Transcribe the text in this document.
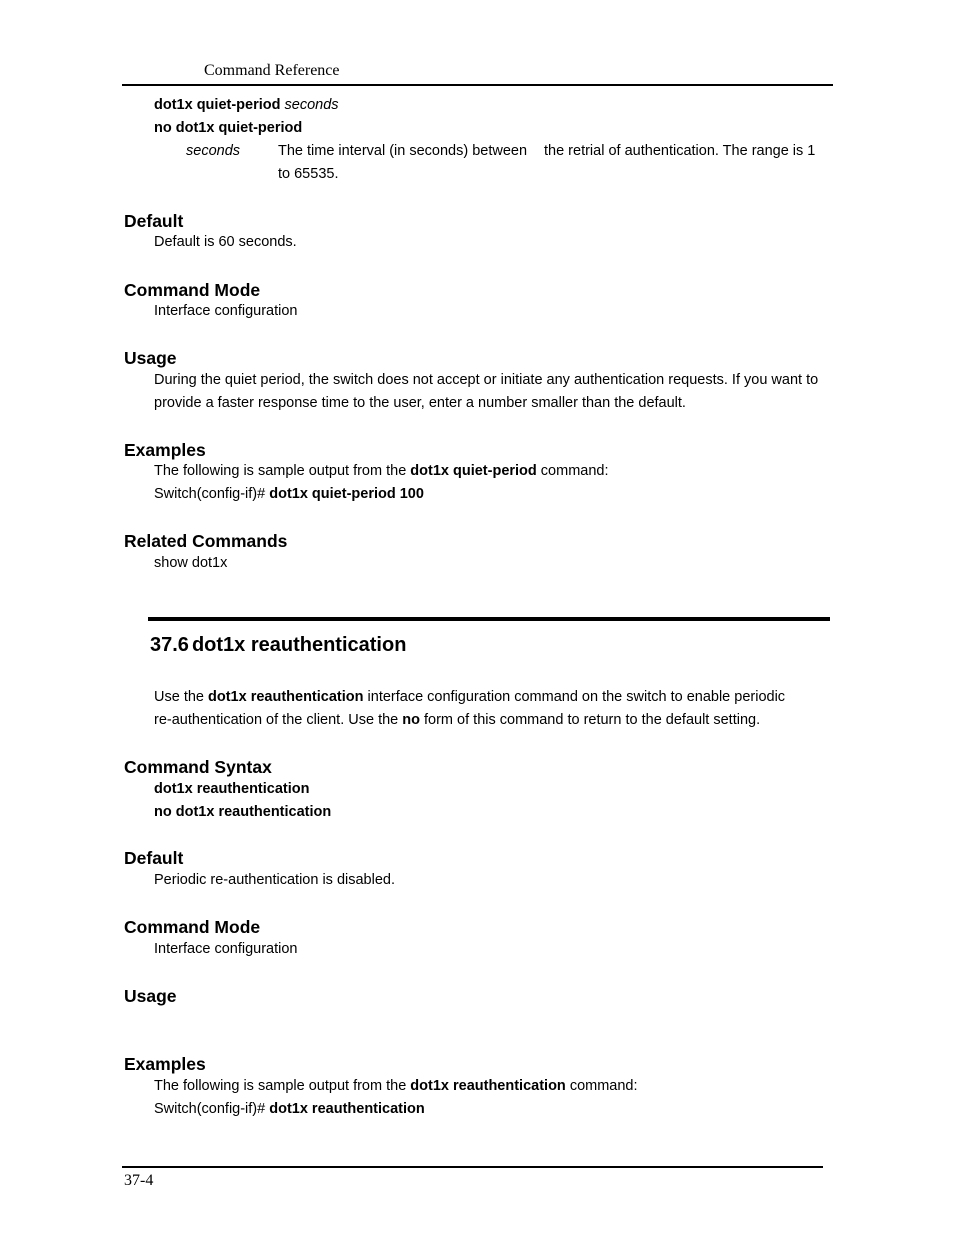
Command Reference
dot1x quiet-period seconds
no dot1x quiet-period
seconds	The time interval (in seconds) between the retrial of authentication. The range is 1
to 65535.
Default
Default is 60 seconds.
Command Mode
Interface configuration
Usage
During the quiet period, the switch does not accept or initiate any authentication requests. If you want to
provide a faster response time to the user, enter a number smaller than the default.
Examples
The following is sample output from the dot1x quiet-period command:
Switch(config-if)# dot1x quiet-period 100
Related Commands
show dot1x
37.6 dot1x reauthentication
Use the dot1x reauthentication interface configuration command on the switch to enable periodic
re-authentication of the client. Use the no form of this command to return to the default setting.
Command Syntax
dot1x reauthentication
no dot1x reauthentication
Default
Periodic re-authentication is disabled.
Command Mode
Interface configuration
Usage
Examples
The following is sample output from the dot1x reauthentication command:
Switch(config-if)# dot1x reauthentication
37-4
